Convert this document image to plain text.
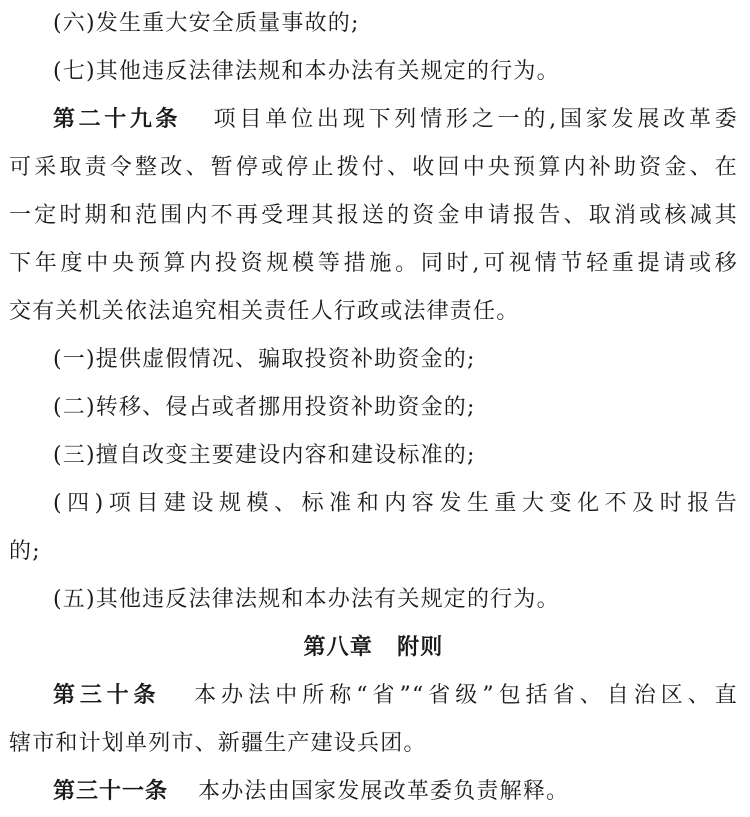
(六)发生重大安全质量事故的;
(七)其他违反法律法规和本办法有关规定的行为。
第二十九条 项目单位出现下列情形之一的,国家发展改革委
可采取责令整改、暂停或停止拨付、收回中央预算内补助资金、在
一定时期和范围内不再受理其报送的资金申请报告、取消或核减其
下年度中央预算内投资规模等措施。同时,可视情节轻重提请或移
交有关机关依法追究相关责任人行政或法律责任。
(一)提供虚假情况、骗取投资补助资金的;
(二)转移、侵占或者挪用投资补助资金的;
(三)擅自改变主要建设内容和建设标准的;
(四)项目建设规模、标准和内容发生重大变化不及时报告
的;
(五)其他违反法律法规和本办法有关规定的行为。
第八章 附则
第三十条 本办法中所称“省”“省级”包括省、自治区、直
辖市和计划单列市、新疆生产建设兵团。
第三十一条 本办法由国家发展改革委负责解释。
